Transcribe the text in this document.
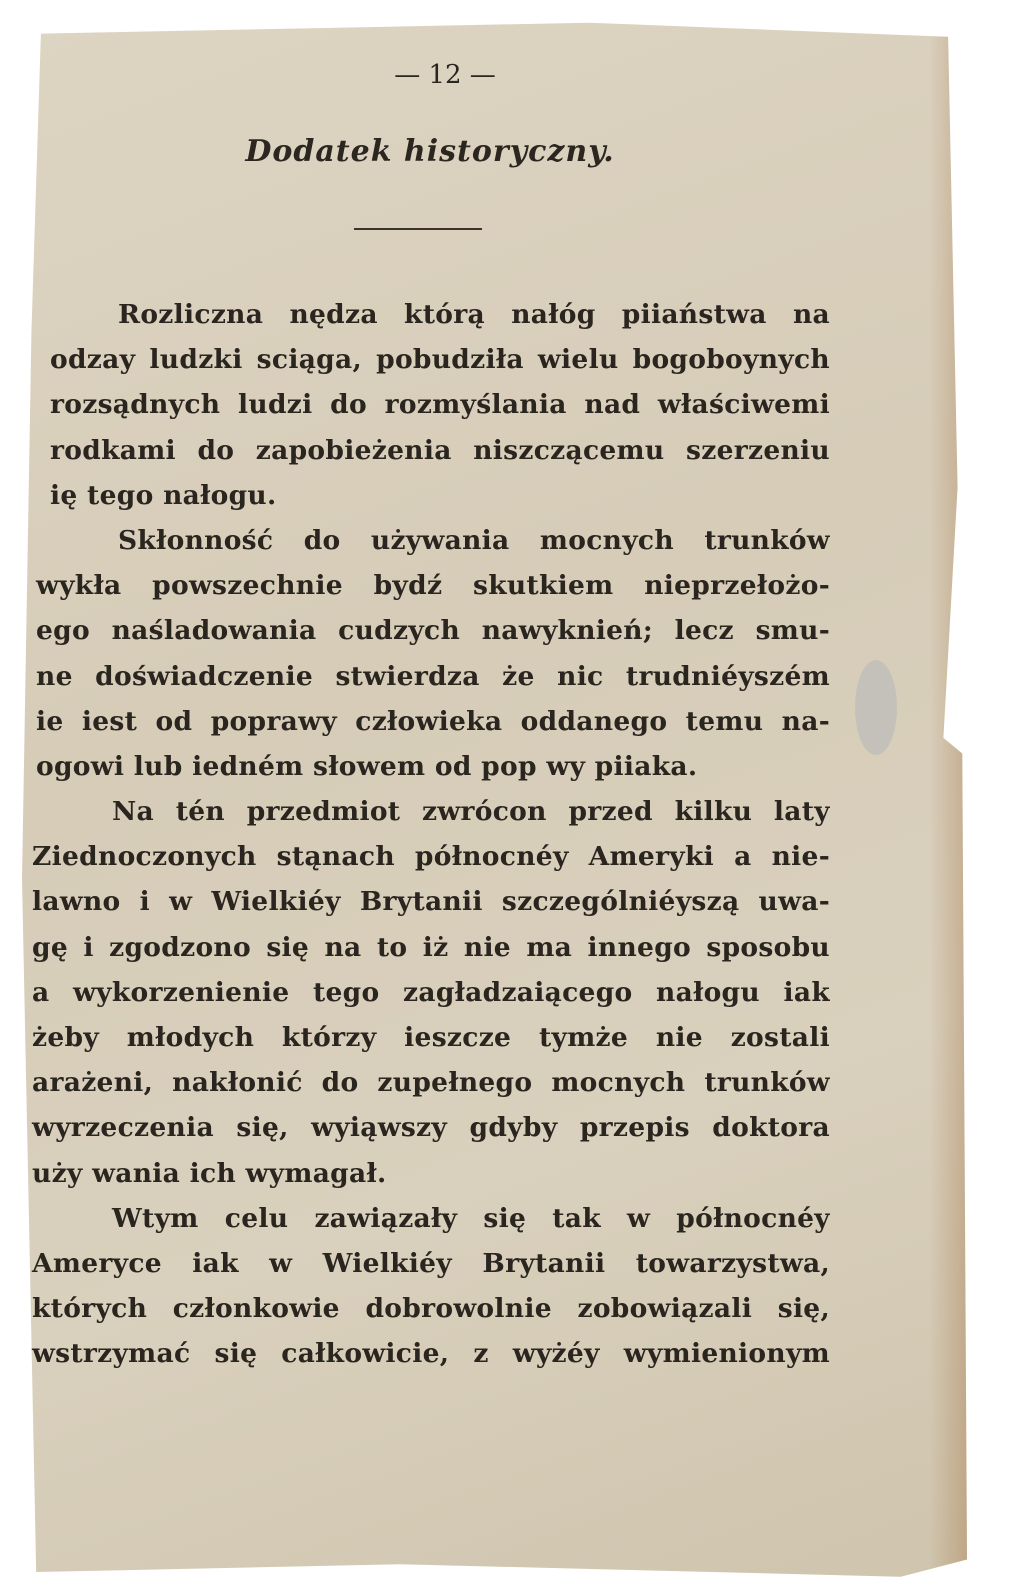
— 12 —
Dodatek historyczny.
Rozliczna nędza którą nałóg piiaństwa na
odzay ludzki sciąga, pobudziła wielu bogoboynych
rozsądnych ludzi do rozmyślania nad właściwemi
rodkami do zapobieżenia niszczącemu szerzeniu
ię tego nałogu.
Skłonność do używania mocnych trunków
wykła powszechnie bydź skutkiem nieprzełożo-
ego naśladowania cudzych nawyknień; lecz smu-
ne doświadczenie stwierdza że nic trudniéyszém
ie iest od poprawy człowieka oddanego temu na-
ogowi lub iedném słowem od pop wy piiaka.
Na tén przedmiot zwrócon przed kilku laty
Ziednoczonych stąnach północnéy Ameryki a nie-
lawno i w Wielkiéy Brytanii szczególniéyszą uwa-
gę i zgodzono się na to iż nie ma innego sposobu
a wykorzenienie tego zagładzaiącego nałogu iak
żeby młodych którzy ieszcze tymże nie zostali
arażeni, nakłonić do zupełnego mocnych trunków
wyrzeczenia się, wyiąwszy gdyby przepis doktora
uży wania ich wymagał.
Wtym celu zawiązały się tak w północnéy
Ameryce iak w Wielkiéy Brytanii towarzystwa,
których członkowie dobrowolnie zobowiązali się,
wstrzymać się całkowicie, z wyżéy wymienionym
